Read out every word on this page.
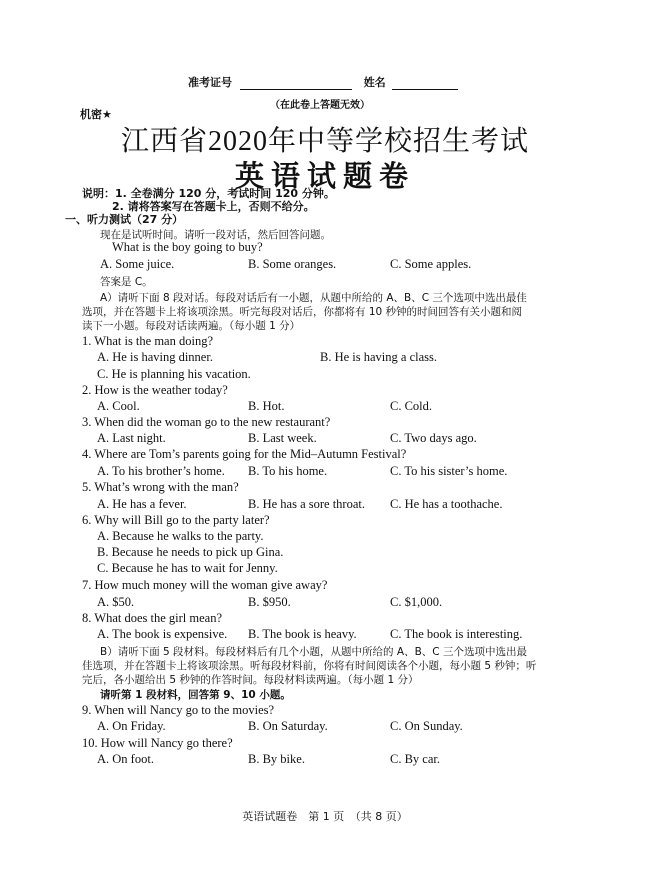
准考证号	姓名
（在此卷上答题无效）
机密★
江西省2020年中等学校招生考试
英语试题卷
说明：1. 全卷满分 120 分，考试时间 120 分钟。
2. 请将答案写在答题卡上，否则不给分。
一、听力测试（27 分）
现在是试听时间。请听一段对话，然后回答问题。
What is the boy going to buy?
A. Some juice.	B. Some oranges.	C. Some apples.
答案是 C。
A）请听下面 8 段对话。每段对话后有一小题，从题中所给的 A、B、C 三个选项中选出最佳
选项，并在答题卡上将该项涂黑。听完每段对话后，你都将有 10 秒钟的时间回答有关小题和阅
读下一小题。每段对话读两遍。（每小题 1 分）
1. What is the man doing?
A. He is having dinner.	B. He is having a class.
C. He is planning his vacation.
2. How is the weather today?
A. Cool.	B. Hot.	C. Cold.
3. When did the woman go to the new restaurant?
A. Last night.	B. Last week.	C. Two days ago.
4. Where are Tom’s parents going for the Mid–Autumn Festival?
A. To his brother’s home. B. To his home.	C. To his sister’s home.
5. What’s wrong with the man?
A. He has a fever.	B. He has a sore throat. C. He has a toothache.
6. Why will Bill go to the party later?
A. Because he walks to the party.
B. Because he needs to pick up Gina.
C. Because he has to wait for Jenny.
7. How much money will the woman give away?
A. $50.	B. $950.	C. $1,000.
8. What does the girl mean?
A. The book is expensive. B. The book is heavy.	C. The book is interesting.
B）请听下面 5 段材料。每段材料后有几个小题，从题中所给的 A、B、C 三个选项中选出最
佳选项，并在答题卡上将该项涂黑。听每段材料前，你将有时间阅读各个小题，每小题 5 秒钟；听
完后，各小题给出 5 秒钟的作答时间。每段材料读两遍。（每小题 1 分）
请听第 1 段材料，回答第 9、10 小题。
9. When will Nancy go to the movies?
A. On Friday.	B. On Saturday.	C. On Sunday.
10. How will Nancy go there?
A. On foot.	B. By bike.	C. By car.
英语试题卷　第 1 页　（共 8 页）
